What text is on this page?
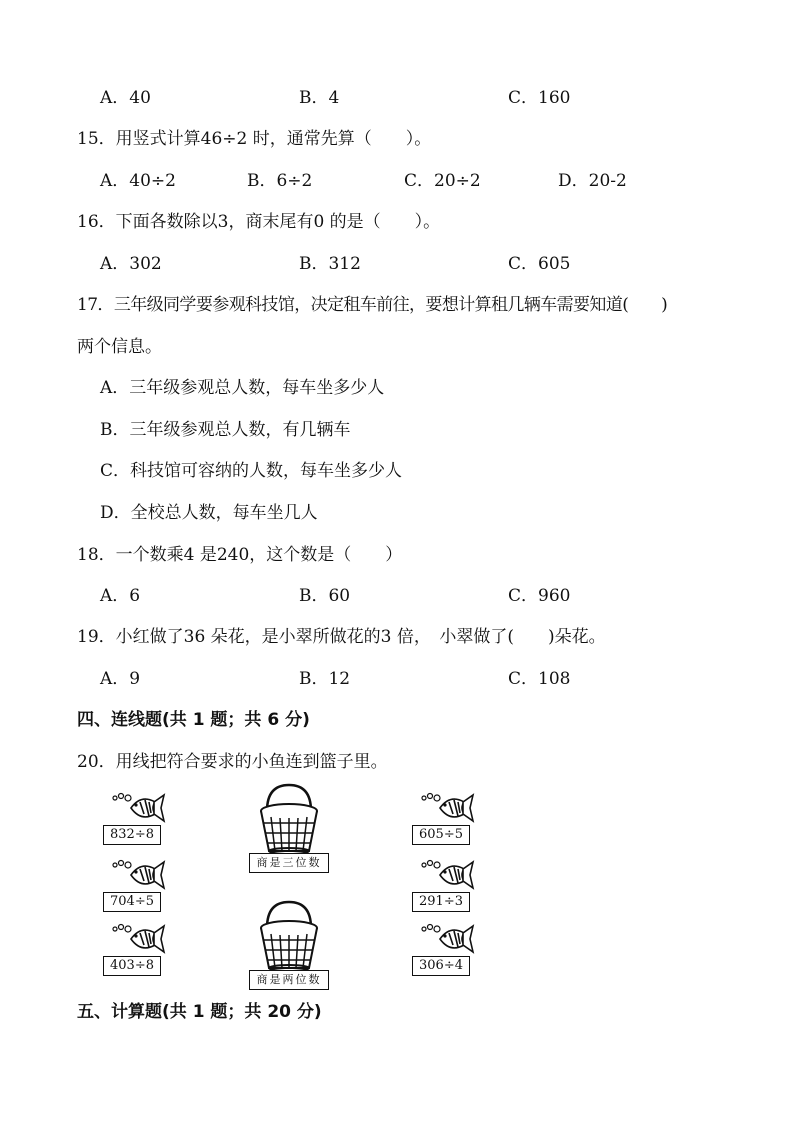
A．40	B．4	C．160
15．用竖式计算46÷2 时，通常先算（　　）。
A．40÷2	B．6÷2	C．20÷2	D．20-2
16．下面各数除以3，商末尾有0 的是（　　）。
A．302	B．312	C．605
17．三年级同学要参观科技馆，决定租车前往，要想计算租几辆车需要知道(　　)
两个信息。
A．三年级参观总人数，每车坐多少人
B．三年级参观总人数，有几辆车
C．科技馆可容纳的人数，每车坐多少人
D．全校总人数，每车坐几人
18．一个数乘4 是240，这个数是（　　）
A．6	B．60	C．960
19．小红做了36 朵花，是小翠所做花的3 倍，　小翠做了(　　)朵花。
A．9	B．12	C．108
四、连线题(共 1 题；共 6 分)
20．用线把符合要求的小鱼连到篮子里。
832÷8
704÷5
403÷8
605÷5
291÷3
306÷4
商是三位数
商是两位数
五、计算题(共 1 题；共 20 分)
